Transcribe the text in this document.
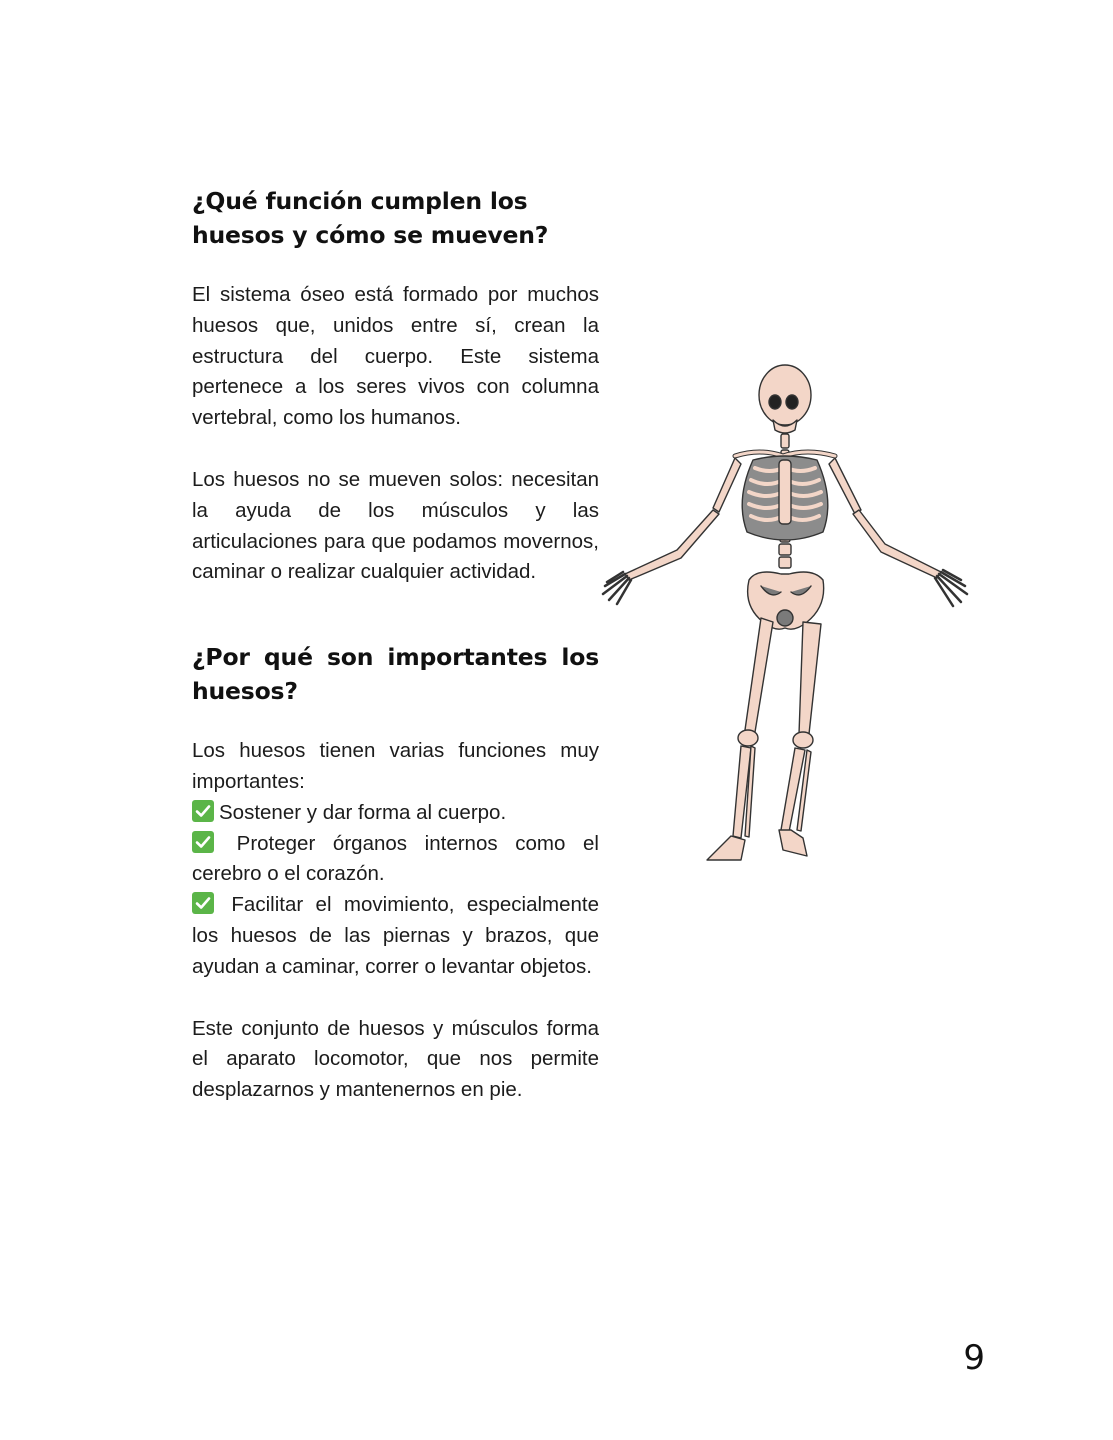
¿Qué función cumplen los huesos y cómo se mueven?

El sistema óseo está formado por muchos huesos que, unidos entre sí, crean la estructura del cuerpo. Este sistema pertenece a los seres vivos con columna vertebral, como los humanos.

Los huesos no se mueven solos: necesitan la ayuda de los músculos y las articulaciones para que podamos movernos, caminar o realizar cualquier actividad.

¿Por qué son importantes los huesos?

Los huesos tienen varias funciones muy importantes:
Sostener y dar forma al cuerpo.

Proteger órganos internos como el cerebro o el corazón.

Facilitar el movimiento, especialmente los huesos de las piernas y brazos, que ayudan a caminar, correr o levantar objetos.

Este conjunto de huesos y músculos forma el aparato locomotor, que nos permite desplazarnos y mantenernos en pie.

9
